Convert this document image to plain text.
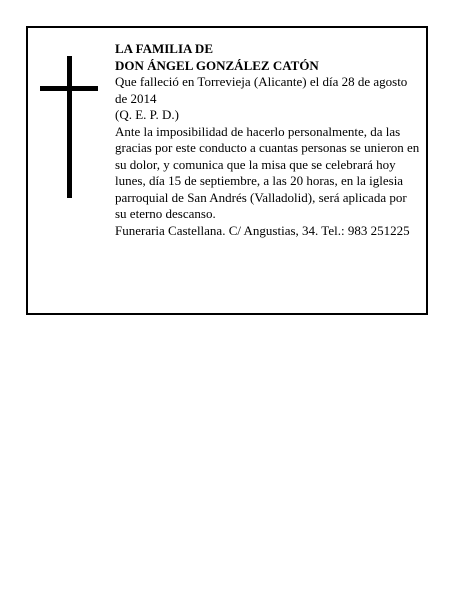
LA FAMILIA DE

DON ÁNGEL GONZÁLEZ CATÓN

Que falleció en Torrevieja (Alicante) el día 28 de agosto de 2014

(Q. E. P. D.)

Ante la imposibilidad de hacerlo personalmente, da las gracias por este conducto a cuantas personas se unieron en su dolor, y comunica que la misa que se celebrará hoy lunes, día 15 de septiembre, a las 20 horas, en la iglesia parroquial de San Andrés (Valladolid), será aplicada por su eterno descanso.

Funeraria Castellana. C/ Angustias, 34. Tel.: 983 251225
